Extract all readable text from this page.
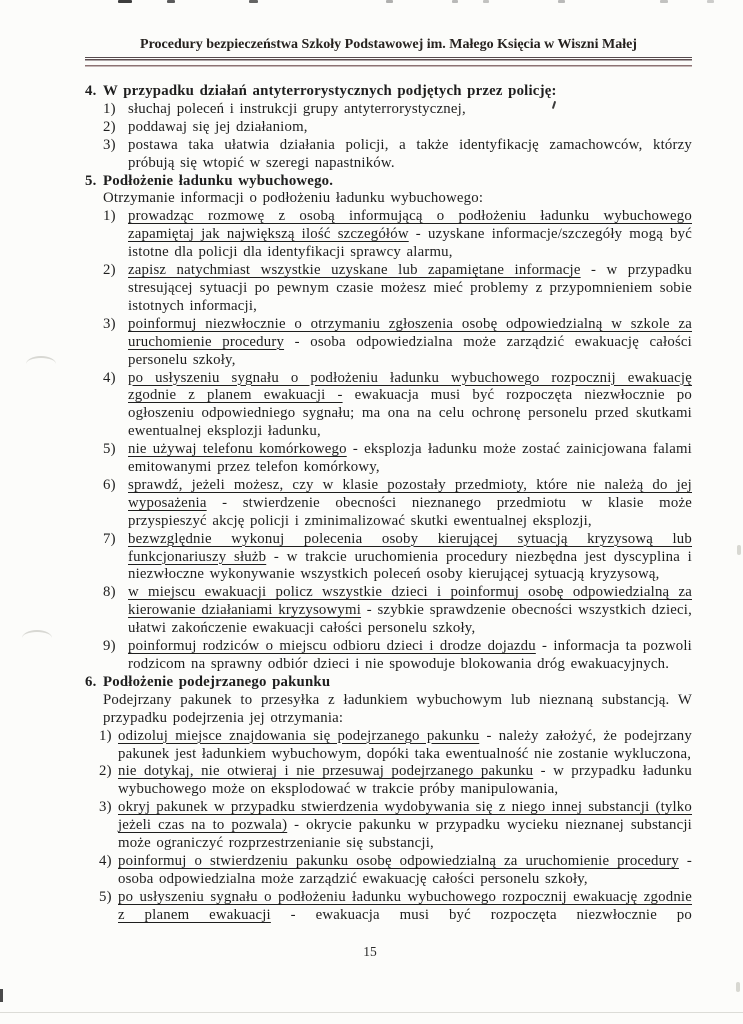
Procedury bezpieczeństwa Szkoły Podstawowej im. Małego Księcia w Wiszni Małej
4. W przypadku działań antyterrorystycznych podjętych przez policję:
1) słuchaj poleceń i instrukcji grupy antyterrorystycznej,
2) poddawaj się jej działaniom,
3) postawa taka ułatwia działania policji, a także identyfikację zamachowców, którzy próbują się wtopić w szeregi napastników.
5. Podłożenie ładunku wybuchowego.
Otrzymanie informacji o podłożeniu ładunku wybuchowego:
1) prowadząc rozmowę z osobą informującą o podłożeniu ładunku wybuchowego zapamiętaj jak największą ilość szczegółów - uzyskane informacje/szczegóły mogą być istotne dla policji dla identyfikacji sprawcy alarmu,
2) zapisz natychmiast wszystkie uzyskane lub zapamiętane informacje - w przypadku stresującej sytuacji po pewnym czasie możesz mieć problemy z przypomnieniem sobie istotnych informacji,
3) poinformuj niezwłocznie o otrzymaniu zgłoszenia osobę odpowiedzialną w szkole za uruchomienie procedury - osoba odpowiedzialna może zarządzić ewakuację całości personelu szkoły,
4) po usłyszeniu sygnału o podłożeniu ładunku wybuchowego rozpocznij ewakuację zgodnie z planem ewakuacji - ewakuacja musi być rozpoczęta niezwłocznie po ogłoszeniu odpowiedniego sygnału; ma ona na celu ochronę personelu przed skutkami ewentualnej eksplozji ładunku,
5) nie używaj telefonu komórkowego - eksplozja ładunku może zostać zainicjowana falami emitowanymi przez telefon komórkowy,
6) sprawdź, jeżeli możesz, czy w klasie pozostały przedmioty, które nie należą do jej wyposażenia - stwierdzenie obecności nieznanego przedmiotu w klasie może przyspieszyć akcję policji i zminimalizować skutki ewentualnej eksplozji,
7) bezwzględnie wykonuj polecenia osoby kierującej sytuacją kryzysową lub funkcjonariuszy służb - w trakcie uruchomienia procedury niezbędna jest dyscyplina i niezwłoczne wykonywanie wszystkich poleceń osoby kierującej sytuacją kryzysową,
8) w miejscu ewakuacji policz wszystkie dzieci i poinformuj osobę odpowiedzialną za kierowanie działaniami kryzysowymi - szybkie sprawdzenie obecności wszystkich dzieci, ułatwi zakończenie ewakuacji całości personelu szkoły,
9) poinformuj rodziców o miejscu odbioru dzieci i drodze dojazdu - informacja ta pozwoli rodzicom na sprawny odbiór dzieci i nie spowoduje blokowania dróg ewakuacyjnych.
6. Podłożenie podejrzanego pakunku
Podejrzany pakunek to przesyłka z ładunkiem wybuchowym lub nieznaną substancją. W przypadku podejrzenia jej otrzymania:
1) odizoluj miejsce znajdowania się podejrzanego pakunku - należy założyć, że podejrzany pakunek jest ładunkiem wybuchowym, dopóki taka ewentualność nie zostanie wykluczona,
2) nie dotykaj, nie otwieraj i nie przesuwaj podejrzanego pakunku - w przypadku ładunku wybuchowego może on eksplodować w trakcie próby manipulowania,
3) okryj pakunek w przypadku stwierdzenia wydobywania się z niego innej substancji (tylko jeżeli czas na to pozwala) - okrycie pakunku w przypadku wycieku nieznanej substancji może ograniczyć rozprzestrzenianie się substancji,
4) poinformuj o stwierdzeniu pakunku osobę odpowiedzialną za uruchomienie procedury - osoba odpowiedzialna może zarządzić ewakuację całości personelu szkoły,
5) po usłyszeniu sygnału o podłożeniu ładunku wybuchowego rozpocznij ewakuację zgodnie z planem ewakuacji - ewakuacja musi być rozpoczęta niezwłocznie po
15
